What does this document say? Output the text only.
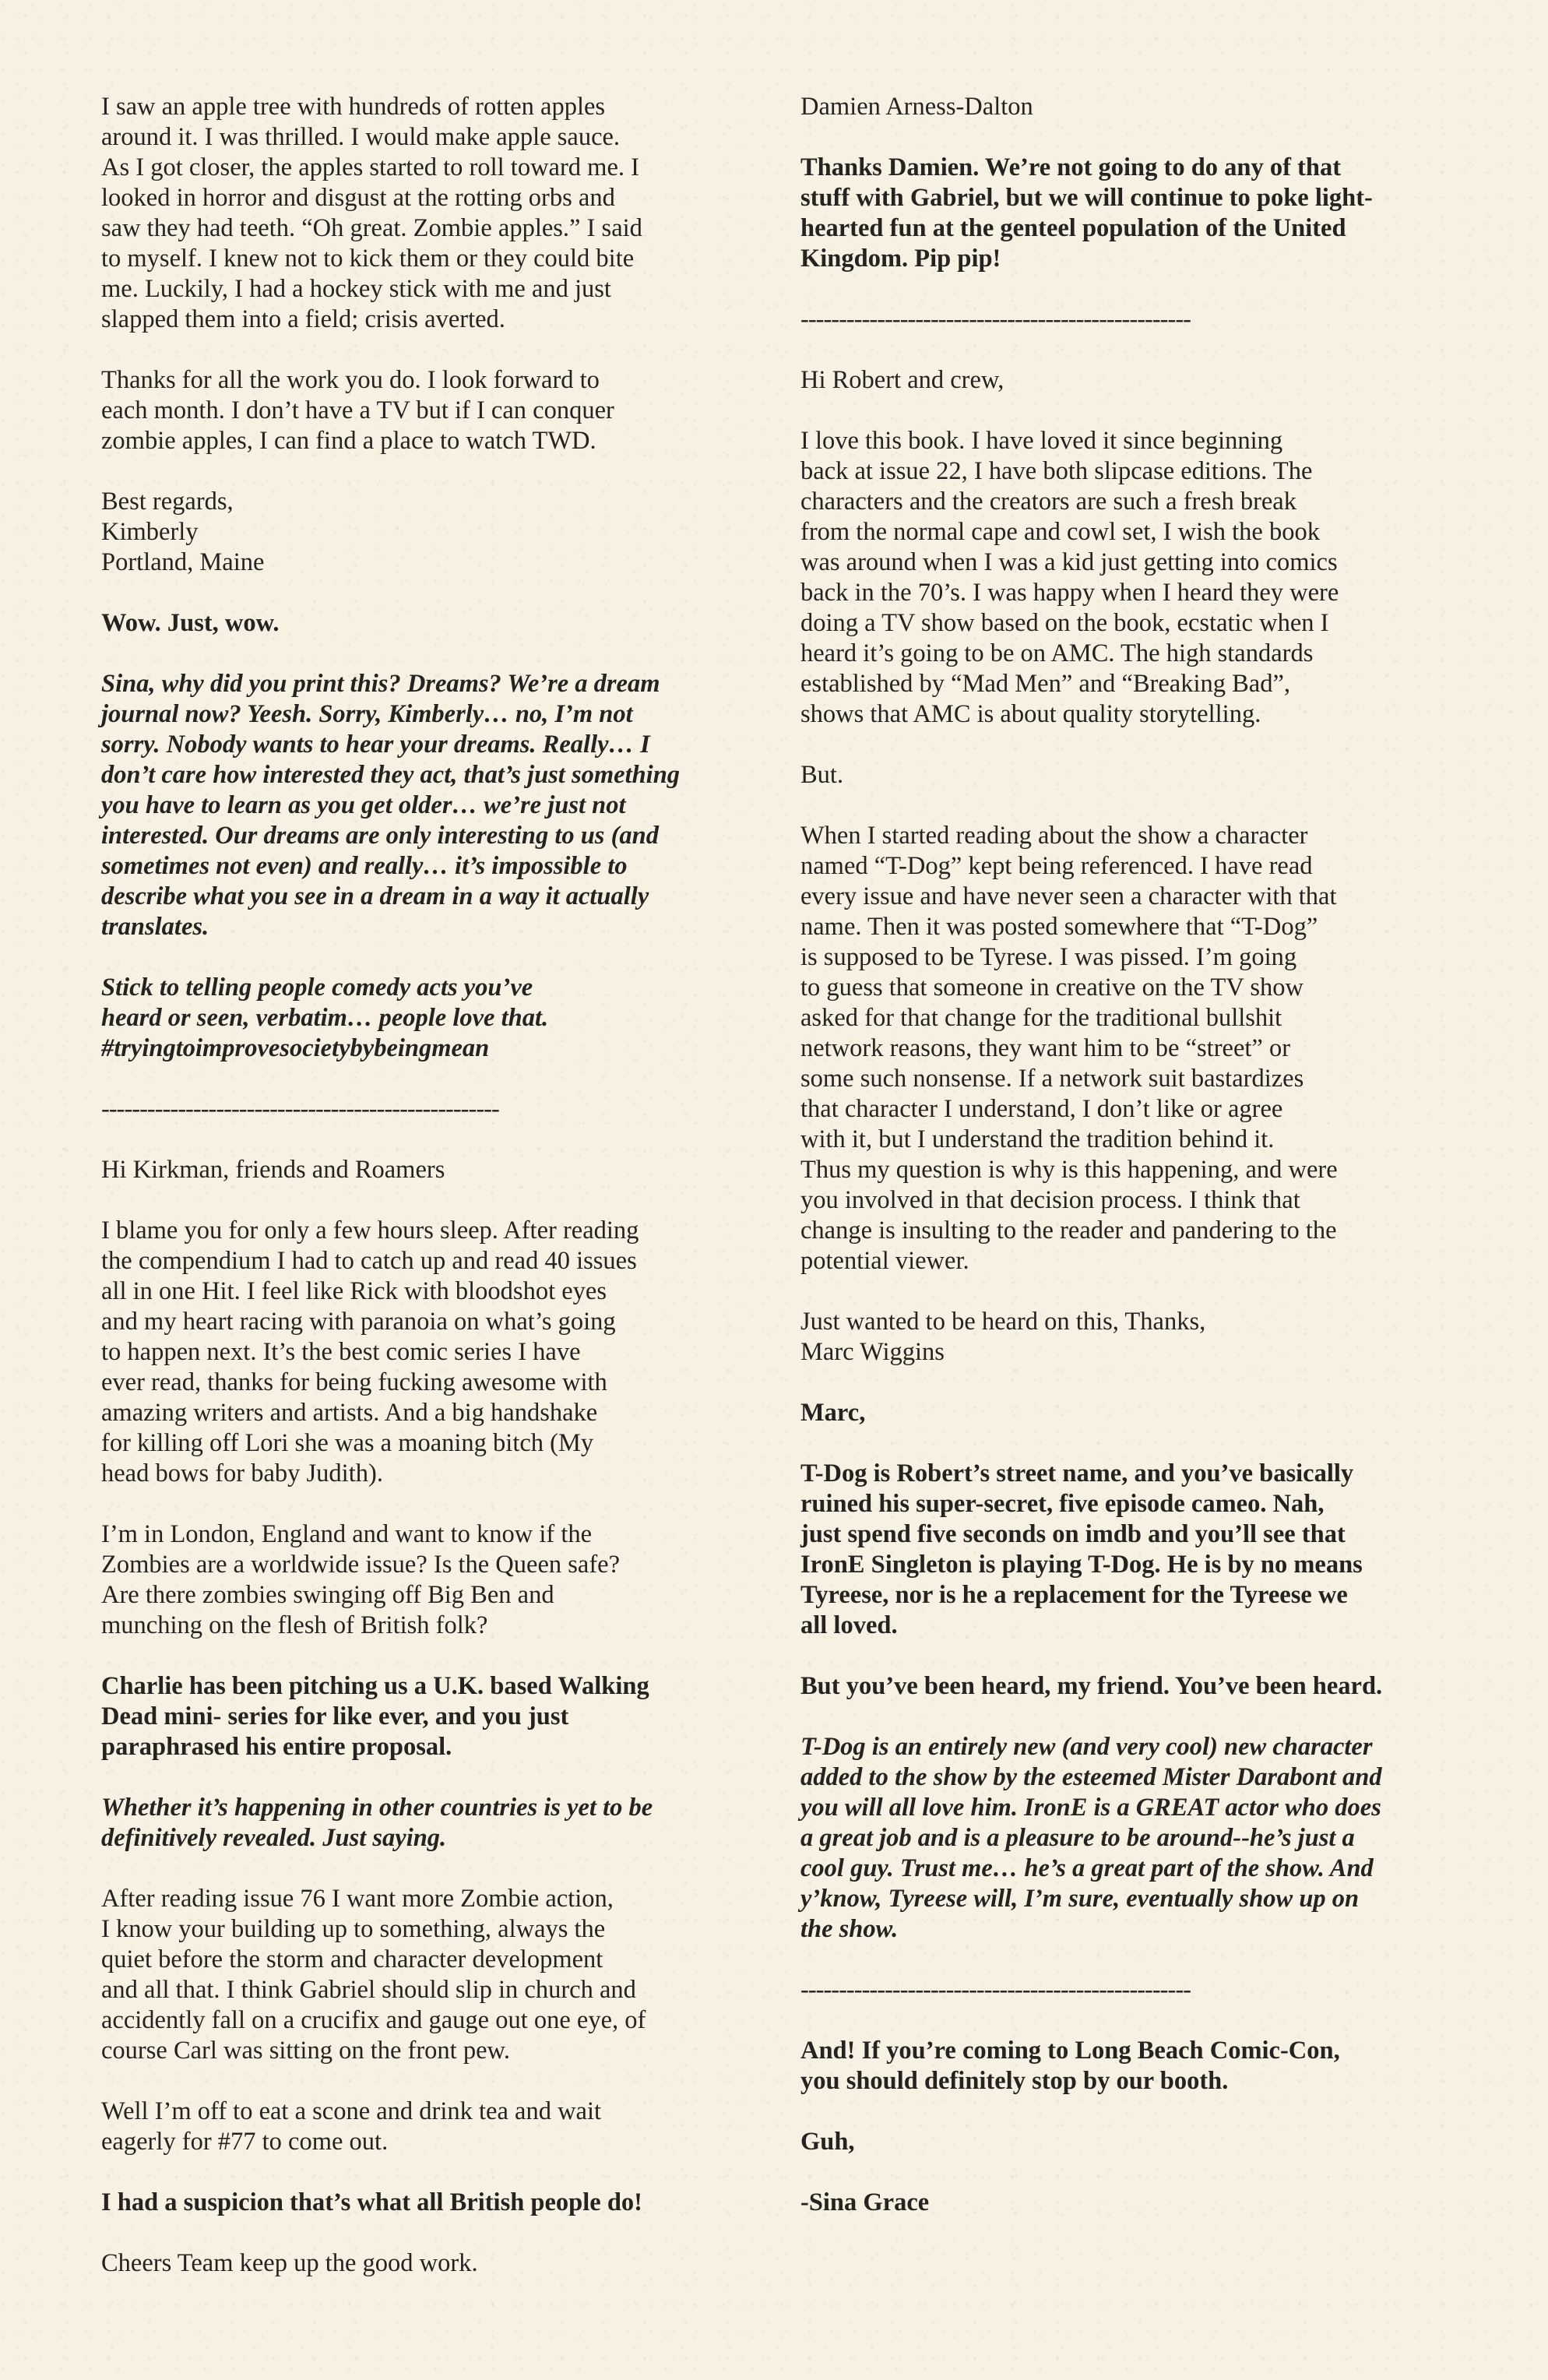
I saw an apple tree with hundreds of rotten apples
around it. I was thrilled. I would make apple sauce.
As I got closer, the apples started to roll toward me. I
looked in horror and disgust at the rotting orbs and
saw they had teeth. “Oh great. Zombie apples.” I said
to myself. I knew not to kick them or they could bite
me. Luckily, I had a hockey stick with me and just
slapped them into a field; crisis averted.

Thanks for all the work you do. I look forward to
each month. I don’t have a TV but if I can conquer
zombie apples, I can find a place to watch TWD.

Best regards,
Kimberly
Portland, Maine

Wow. Just, wow.

Sina, why did you print this? Dreams? We’re a dream
journal now? Yeesh. Sorry, Kimberly… no, I’m not
sorry. Nobody wants to hear your dreams. Really… I
don’t care how interested they act, that’s just something
you have to learn as you get older… we’re just not
interested. Our dreams are only interesting to us (and
sometimes not even) and really… it’s impossible to
describe what you see in a dream in a way it actually
translates.

Stick to telling people comedy acts you’ve
heard or seen, verbatim… people love that.
#tryingtoimprovesocietybybeingmean

----------------------------------------------------

Hi Kirkman, friends and Roamers

I blame you for only a few hours sleep. After reading
the compendium I had to catch up and read 40 issues
all in one Hit. I feel like Rick with bloodshot eyes
and my heart racing with paranoia on what’s going
to happen next. It’s the best comic series I have
ever read, thanks for being fucking awesome with
amazing writers and artists. And a big handshake
for killing off Lori she was a moaning bitch (My
head bows for baby Judith).

I’m in London, England and want to know if the
Zombies are a worldwide issue? Is the Queen safe?
Are there zombies swinging off Big Ben and
munching on the flesh of British folk?

Charlie has been pitching us a U.K. based Walking
Dead mini- series for like ever, and you just
paraphrased his entire proposal.

Whether it’s happening in other countries is yet to be
definitively revealed. Just saying.

After reading issue 76 I want more Zombie action,
I know your building up to something, always the
quiet before the storm and character development
and all that. I think Gabriel should slip in church and
accidently fall on a crucifix and gauge out one eye, of
course Carl was sitting on the front pew.

Well I’m off to eat a scone and drink tea and wait
eagerly for #77 to come out.

I had a suspicion that’s what all British people do!

Cheers Team keep up the good work.

Damien Arness-Dalton

Thanks Damien. We’re not going to do any of that
stuff with Gabriel, but we will continue to poke light-
hearted fun at the genteel population of the United
Kingdom. Pip pip!

---------------------------------------------------

Hi Robert and crew,

I love this book. I have loved it since beginning
back at issue 22, I have both slipcase editions. The
characters and the creators are such a fresh break
from the normal cape and cowl set, I wish the book
was around when I was a kid just getting into comics
back in the 70’s. I was happy when I heard they were
doing a TV show based on the book, ecstatic when I
heard it’s going to be on AMC. The high standards
established by “Mad Men” and “Breaking Bad”,
shows that AMC is about quality storytelling.

But.

When I started reading about the show a character
named “T-Dog” kept being referenced. I have read
every issue and have never seen a character with that
name. Then it was posted somewhere that “T-Dog”
is supposed to be Tyrese. I was pissed. I’m going
to guess that someone in creative on the TV show
asked for that change for the traditional bullshit
network reasons, they want him to be “street” or
some such nonsense. If a network suit bastardizes
that character I understand, I don’t like or agree
with it, but I understand the tradition behind it.
Thus my question is why is this happening, and were
you involved in that decision process. I think that
change is insulting to the reader and pandering to the
potential viewer.

Just wanted to be heard on this, Thanks,
Marc Wiggins

Marc,

T-Dog is Robert’s street name, and you’ve basically
ruined his super-secret, five episode cameo. Nah,
just spend five seconds on imdb and you’ll see that
IronE Singleton is playing T-Dog. He is by no means
Tyreese, nor is he a replacement for the Tyreese we
all loved.

But you’ve been heard, my friend. You’ve been heard.

T-Dog is an entirely new (and very cool) new character
added to the show by the esteemed Mister Darabont and
you will all love him. IronE is a GREAT actor who does
a great job and is a pleasure to be around--he’s just a
cool guy. Trust me… he’s a great part of the show. And
y’know, Tyreese will, I’m sure, eventually show up on
the show.

---------------------------------------------------

And! If you’re coming to Long Beach Comic-Con,
you should definitely stop by our booth.

Guh,

-Sina Grace
